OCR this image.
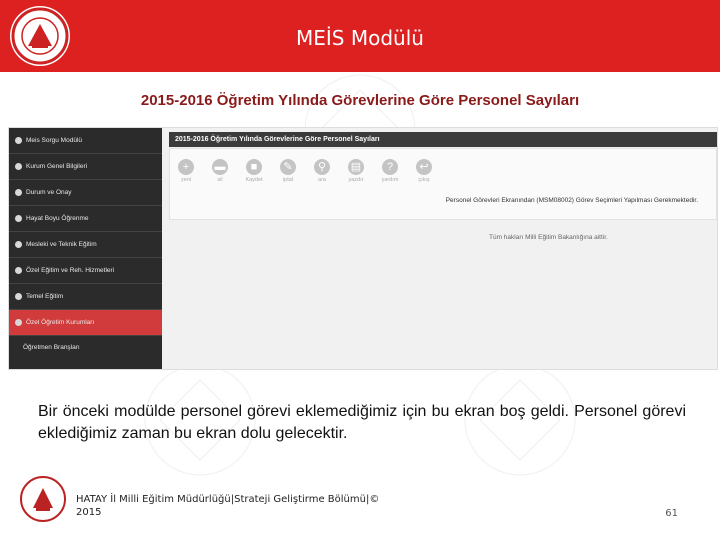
MEİS Modülü
2015-2016 Öğretim Yılında Görevlerine Göre Personel Sayıları
Meis Sorgu Modülü
Kurum Genel Bilgileri
Durum ve Onay
Hayat Boyu Öğrenme
Mesleki ve Teknik Eğitim
Özel Eğitim ve Reh. Hizmetleri
Temel Eğitim
Özel Öğretim Kurumları
Öğretmen Branşları
2015-2016 Öğretim Yılında Görevlerine Göre Personel Sayıları
+
yeni
▬
sil
■
Kaydet
✎
iptal
⚲
ara
▤
yazdır
?
yardım
↩
çıkış
Personel Görevleri Ekranından (MSM08002) Görev Seçimleri Yapılması Gerekmektedir.
Tüm hakları Milli Eğitim Bakanlığına aittir.
Bir önceki modülde personel görevi eklemediğimiz için bu ekran boş geldi. Personel görevi eklediğimiz zaman bu ekran dolu gelecektir.
HATAY İl Milli Eğitim Müdürlüğü|Strateji Geliştirme Bölümü|©
2015	61
